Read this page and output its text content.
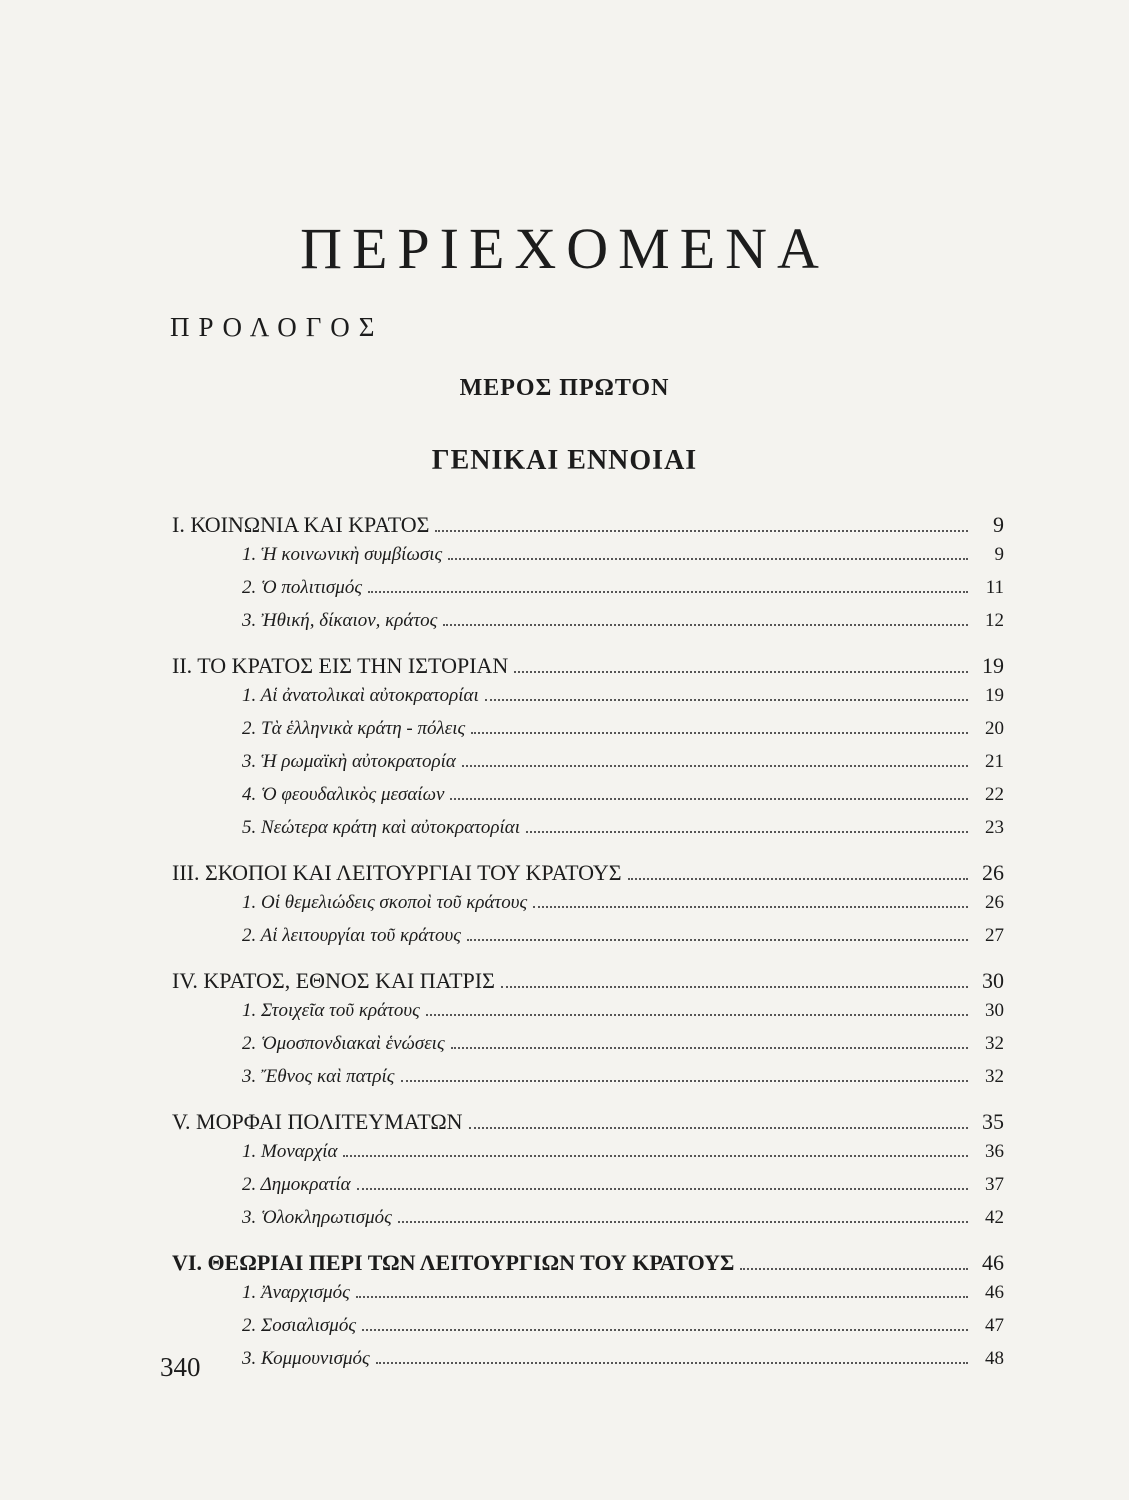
ΠΕΡΙΕΧΟΜΕΝΑ
ΠΡΟΛΟΓΟΣ
ΜΕΡΟΣ ΠΡΩΤΟΝ
ΓΕΝΙΚΑΙ ΕΝΝΟΙΑΙ
Ι. ΚΟΙΝΩΝΙΑ ΚΑΙ ΚΡΑΤΟΣ	9
1. Ἡ κοινωνικὴ συμβίωσις	9
2. Ὁ πολιτισμός	11
3. Ἠθική, δίκαιον, κράτος	12
ΙΙ. ΤΟ ΚΡΑΤΟΣ ΕΙΣ ΤΗΝ ΙΣΤΟΡΙΑΝ	19
1. Αἱ ἀνατολικαὶ αὐτοκρατορίαι	19
2. Τὰ ἑλληνικὰ κράτη - πόλεις	20
3. Ἡ ρωμαϊκὴ αὐτοκρατορία	21
4. Ὁ φεουδαλικὸς μεσαίων	22
5. Νεώτερα κράτη καὶ αὐτοκρατορίαι	23
ΙΙΙ. ΣΚΟΠΟΙ ΚΑΙ ΛΕΙΤΟΥΡΓΙΑΙ ΤΟΥ ΚΡΑΤΟΥΣ	26
1. Οἱ θεμελιώδεις σκοποὶ τοῦ κράτους	26
2. Αἱ λειτουργίαι τοῦ κράτους	27
IV. ΚΡΑΤΟΣ, ΕΘΝΟΣ ΚΑΙ ΠΑΤΡΙΣ	30
1. Στοιχεῖα τοῦ κράτους	30
2. Ὁμοσπονδιακαὶ ἑνώσεις	32
3. Ἔθνος καὶ πατρίς	32
V. ΜΟΡΦΑΙ ΠΟΛΙΤΕΥΜΑΤΩΝ	35
1. Μοναρχία	36
2. Δημοκρατία	37
3. Ὁλοκληρωτισμός	42
VI. ΘΕΩΡΙΑΙ ΠΕΡΙ ΤΩΝ ΛΕΙΤΟΥΡΓΙΩΝ ΤΟΥ ΚΡΑΤΟΥΣ	46
1. Ἀναρχισμός	46
2. Σοσιαλισμός	47
3. Κομμουνισμός	48
340
